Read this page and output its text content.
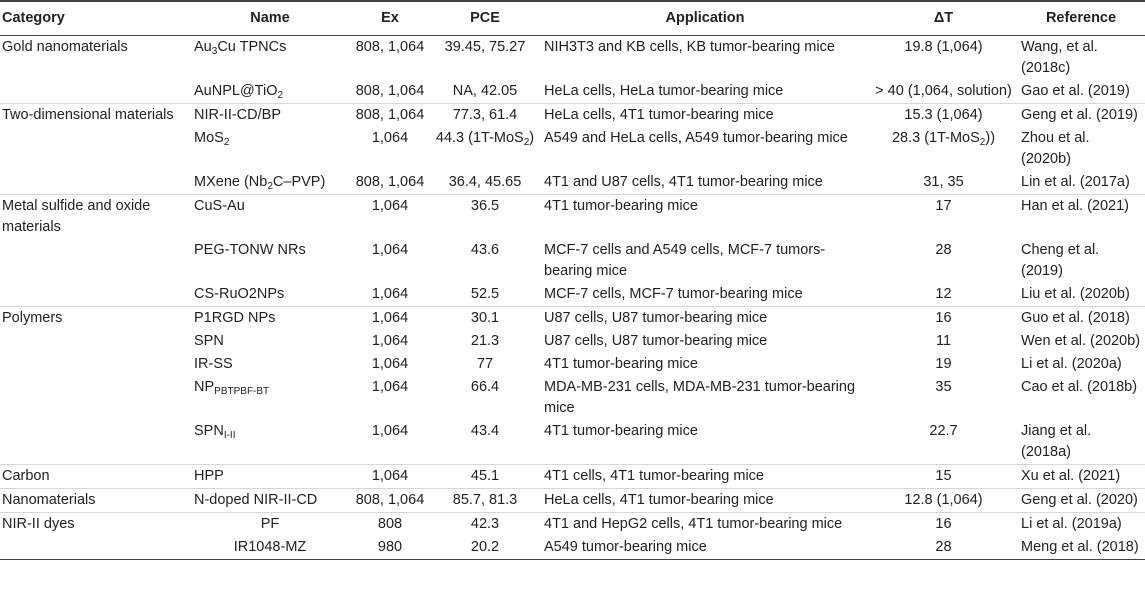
Category	Name	Ex	PCE	Application	ΔT	Reference
Gold nanomaterials	$Au_3Cu$ TPNCs	808, 1,064	39.45, 75.27	NIH3T3 and KB cells, KB tumor-bearing mice	19.8 (1,064)	Wang, et al. (2018c)
	AuNPL@TiO$_2$	808, 1,064	NA, 42.05	HeLa cells, HeLa tumor-bearing mice	> 40 (1,064, solution)	Gao et al. (2019)
Two-dimensional materials	NIR-II-CD/BP	808, 1,064	77.3, 61.4	HeLa cells, 4T1 tumor-bearing mice	15.3 (1,064)	Geng et al. (2019)
	MoS$_2$	1,064	44.3 (1T-MoS$_2$)	A549 and HeLa cells, A549 tumor-bearing mice	28.3 (1T-MoS$_2$))	Zhou et al. (2020b)
	MXene $(Nb_2C-PVP)$	808, 1,064	36.4, 45.65	4T1 and U87 cells, 4T1 tumor-bearing mice	31, 35	Lin et al. (2017a)
Metal sulfide and oxide materials	CuS-Au	1,064	36.5	4T1 tumor-bearing mice	17	Han et al. (2021)
	PEG-TONW NRs	1,064	43.6	MCF-7 cells and A549 cells, MCF-7 tumors-bearing mice	28	Cheng et al. (2019)
	CS-RuO2NPs	1,064	52.5	MCF-7 cells, MCF-7 tumor-bearing mice	12	Liu et al. (2020b)
Polymers	P1RGD NPs	1,064	30.1	U87 cells, U87 tumor-bearing mice	16	Guo et al. (2018)
	SPN	1,064	21.3	U87 cells, U87 tumor-bearing mice	11	Wen et al. (2020b)
	IR-SS	1,064	77	4T1 tumor-bearing mice	19	Li et al. (2020a)
	$NP_{PBTPBF-BT}$	1,064	66.4	MDA-MB-231 cells, MDA-MB-231 tumor-bearing mice	35	Cao et al. (2018b)
	$SPN_{I-II}$	1,064	43.4	4T1 tumor-bearing mice	22.7	Jiang et al. (2018a)
Carbon	HPP	1,064	45.1	4T1 cells, 4T1 tumor-bearing mice	15	Xu et al. (2021)
Nanomaterials	N-doped NIR-II-CD	808, 1,064	85.7, 81.3	HeLa cells, 4T1 tumor-bearing mice	12.8 (1,064)	Geng et al. (2020)
NIR-II dyes	PF	808	42.3	4T1 and HepG2 cells, 4T1 tumor-bearing mice	16	Li et al. (2019a)
	IR1048-MZ	980	20.2	A549 tumor-bearing mice	28	Meng et al. (2018)
